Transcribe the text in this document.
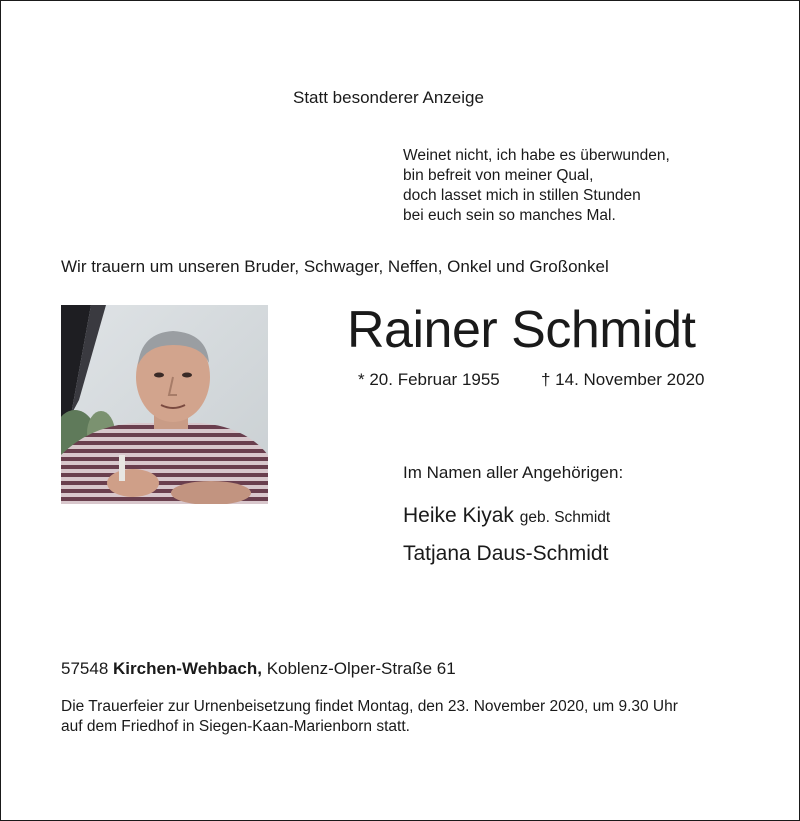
Statt besonderer Anzeige
Weinet nicht, ich habe es überwunden,
bin befreit von meiner Qual,
doch lasset mich in stillen Stunden
bei euch sein so manches Mal.
Wir trauern um unseren Bruder, Schwager, Neffen, Onkel und Großonkel
Rainer Schmidt
* 20. Februar 1955 † 14. November 2020
Im Namen aller Angehörigen:
Heike Kiyak geb. Schmidt
Tatjana Daus-Schmidt
57548 Kirchen-Wehbach, Koblenz-Olper-Straße 61
Die Trauerfeier zur Urnenbeisetzung findet Montag, den 23. November 2020, um 9.30 Uhr
auf dem Friedhof in Siegen-Kaan-Marienborn statt.
